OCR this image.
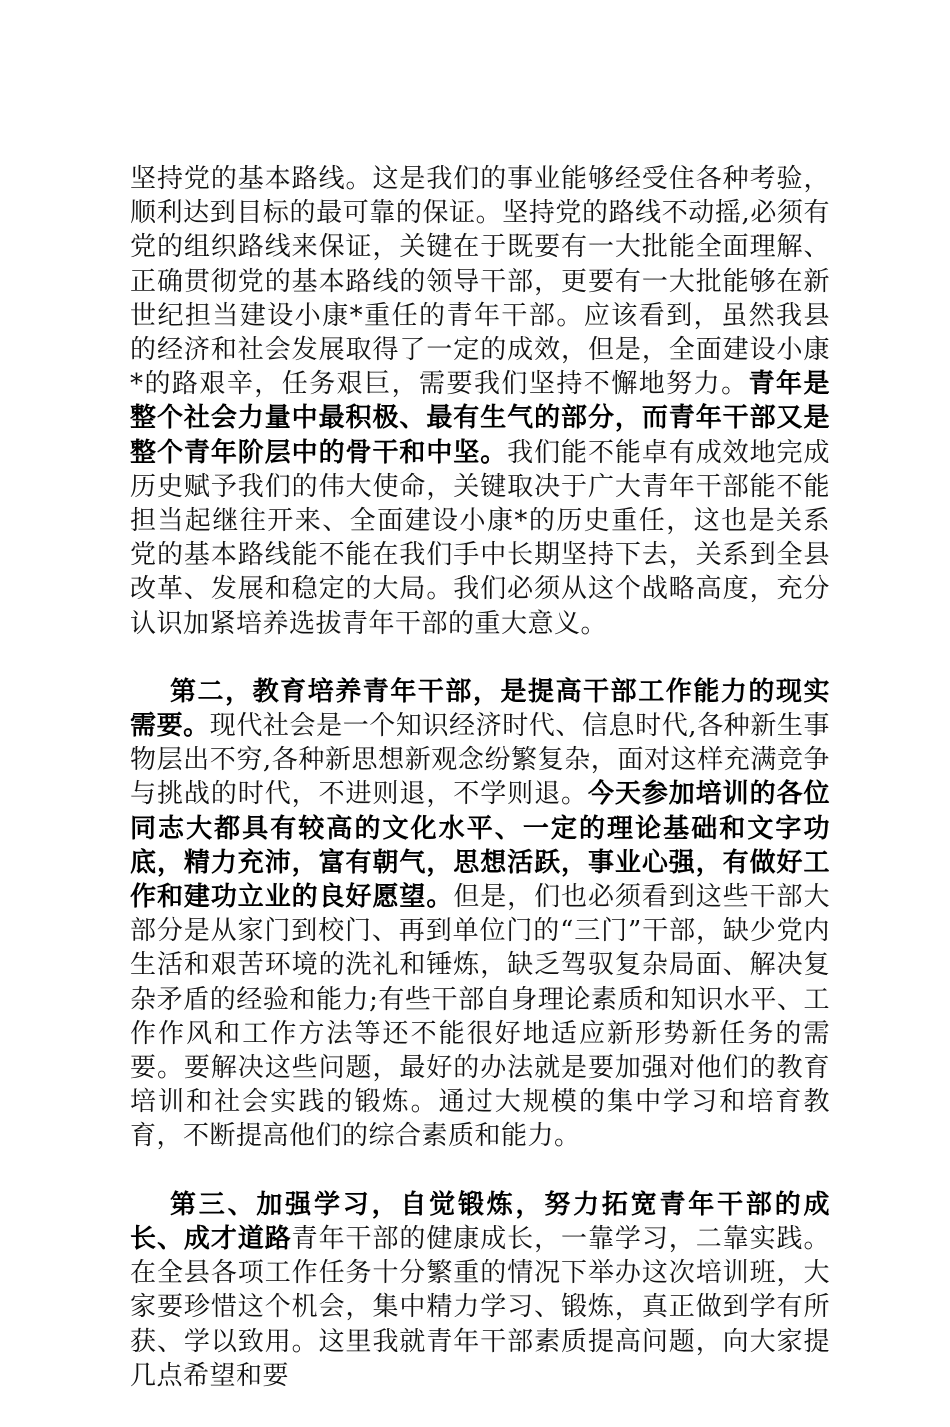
坚持党的基本路线。这是我们的事业能够经受住各种考验，顺利达到目标的最可靠的保证。坚持党的路线不动摇,必须有党的组织路线来保证，关键在于既要有一大批能全面理解、正确贯彻党的基本路线的领导干部，更要有一大批能够在新世纪担当建设小康*重任的青年干部。应该看到，虽然我县的经济和社会发展取得了一定的成效，但是，全面建设小康*的路艰辛，任务艰巨，需要我们坚持不懈地努力。青年是整个社会力量中最积极、最有生气的部分，而青年干部又是整个青年阶层中的骨干和中坚。我们能不能卓有成效地完成历史赋予我们的伟大使命，关键取决于广大青年干部能不能担当起继往开来、全面建设小康*的历史重任，这也是关系党的基本路线能不能在我们手中长期坚持下去，关系到全县改革、发展和稳定的大局。我们必须从这个战略高度，充分认识加紧培养选拔青年干部的重大意义。

第二，教育培养青年干部，是提高干部工作能力的现实需要。现代社会是一个知识经济时代、信息时代,各种新生事物层出不穷,各种新思想新观念纷繁复杂，面对这样充满竞争与挑战的时代，不进则退，不学则退。今天参加培训的各位同志大都具有较高的文化水平、一定的理论基础和文字功底，精力充沛，富有朝气，思想活跃，事业心强，有做好工作和建功立业的良好愿望。但是，们也必须看到这些干部大部分是从家门到校门、再到单位门的“三门”干部，缺少党内生活和艰苦环境的洗礼和锤炼，缺乏驾驭复杂局面、解决复杂矛盾的经验和能力;有些干部自身理论素质和知识水平、工作作风和工作方法等还不能很好地适应新形势新任务的需要。要解决这些问题，最好的办法就是要加强对他们的教育培训和社会实践的锻炼。通过大规模的集中学习和培育教育，不断提高他们的综合素质和能力。

第三、加强学习，自觉锻炼，努力拓宽青年干部的成长、成才道路青年干部的健康成长，一靠学习，二靠实践。在全县各项工作任务十分繁重的情况下举办这次培训班，大家要珍惜这个机会，集中精力学习、锻炼，真正做到学有所获、学以致用。这里我就青年干部素质提高问题，向大家提几点希望和要
